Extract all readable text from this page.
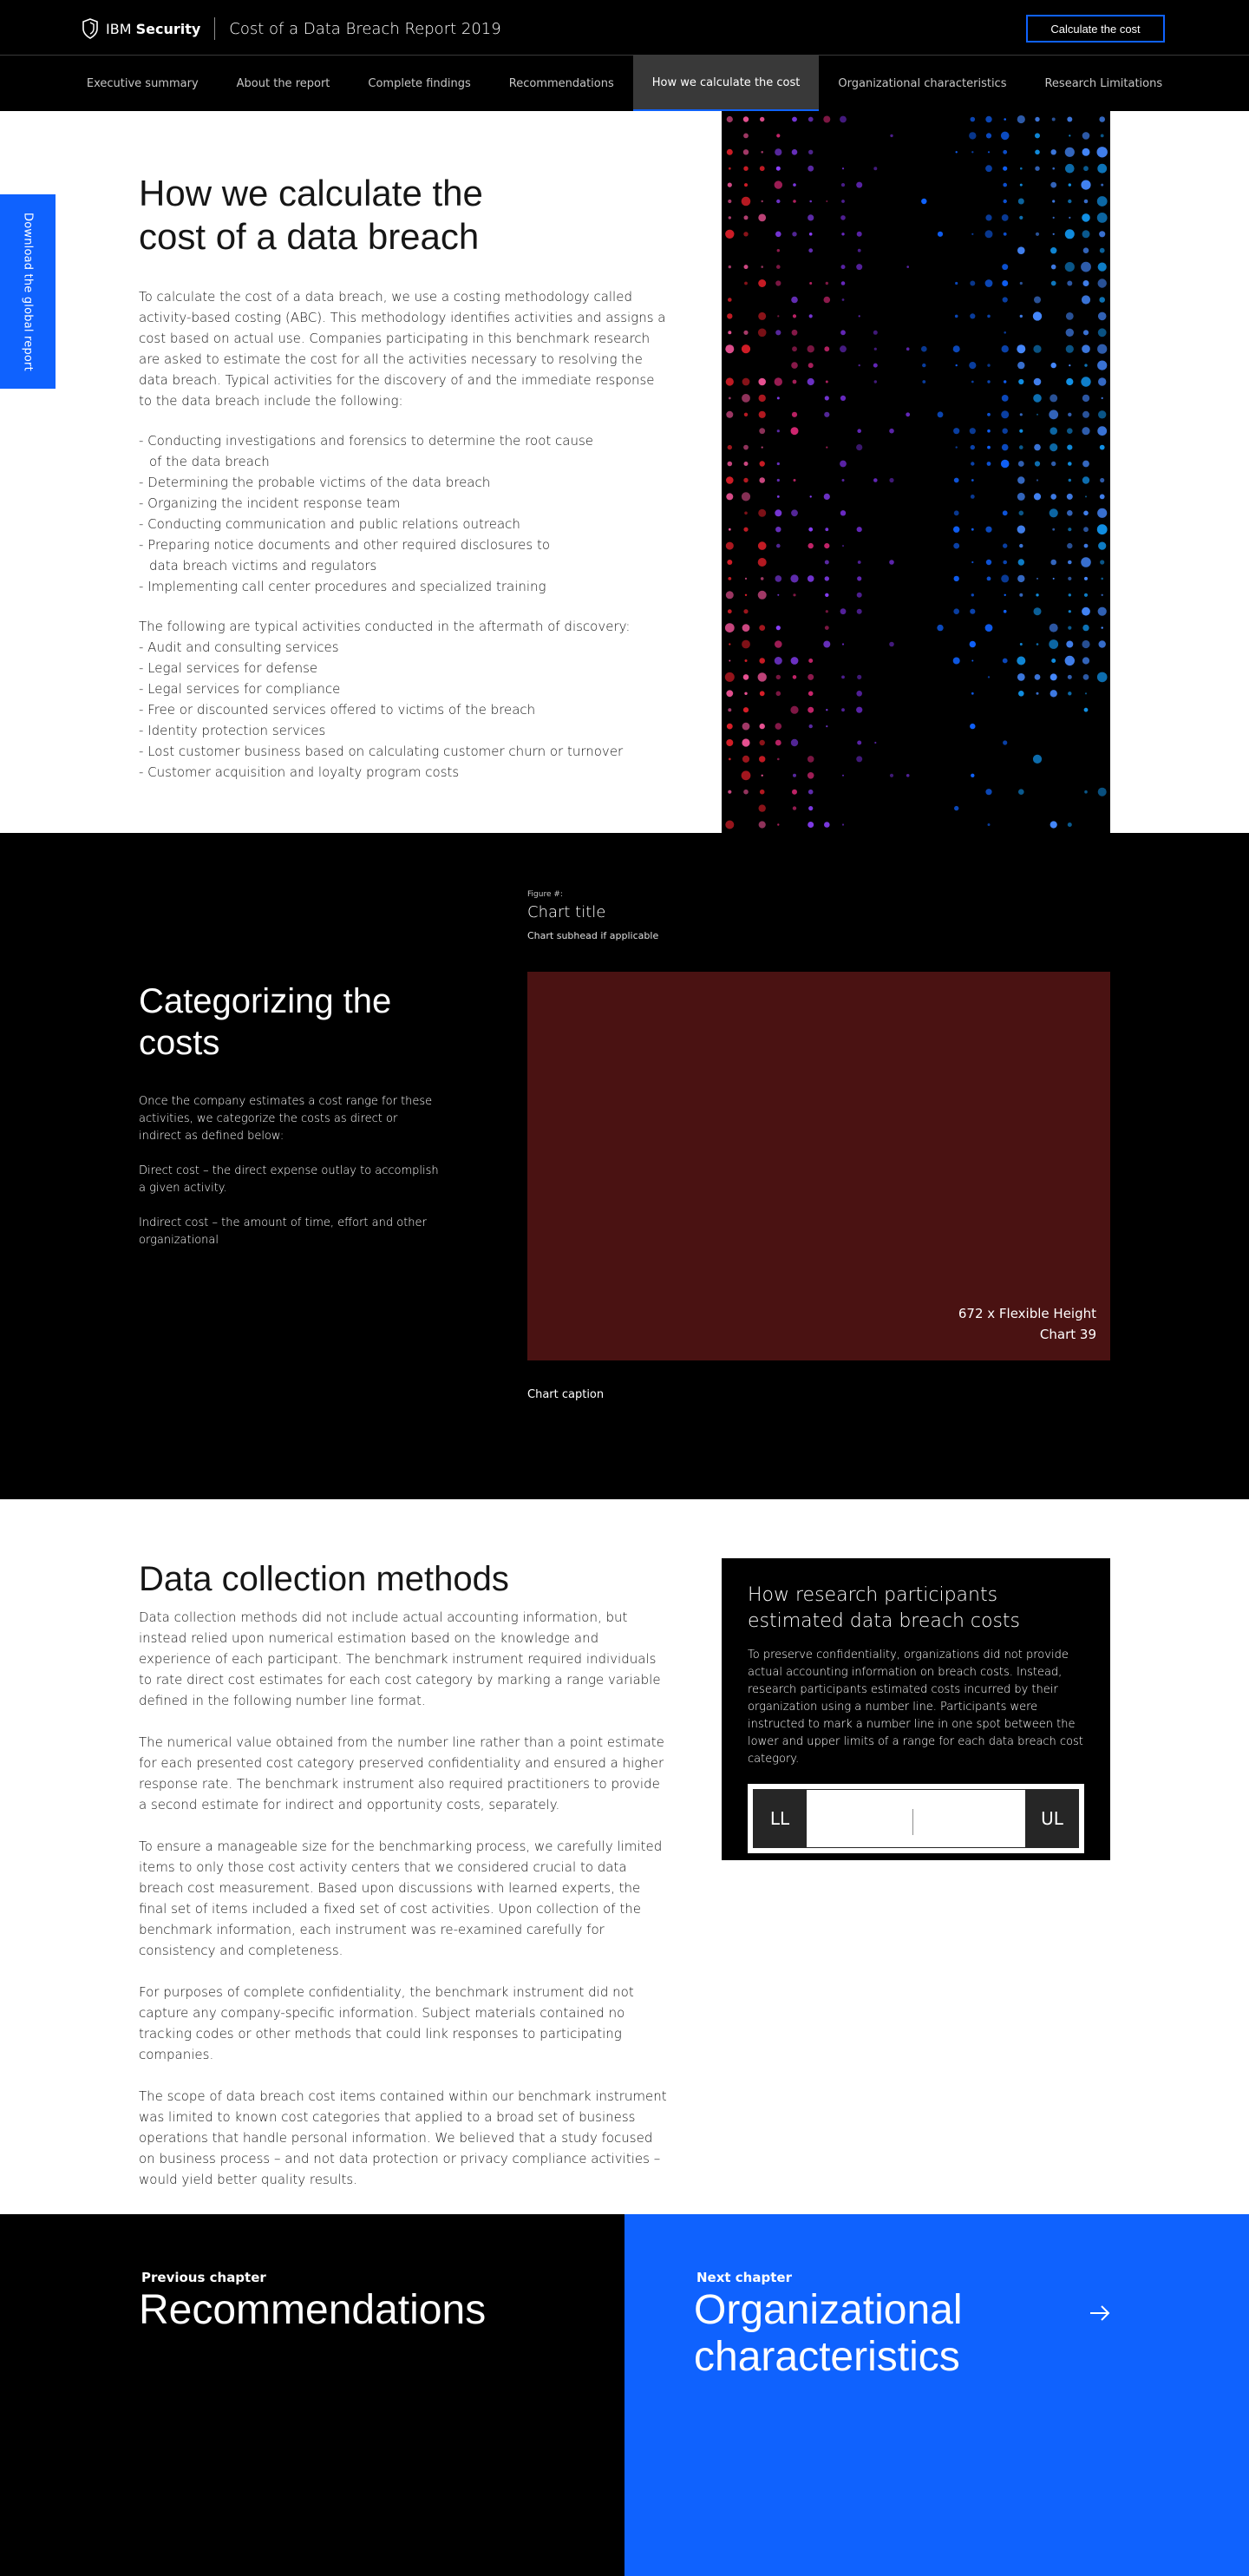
IBM Security Cost of a Data Breach Report 2019	Calculate the cost
Executive summary	About the report	Complete findings	Recommendations	How we calculate the cost	Organizational characteristics	Research Limitations
Download the global report
How we calculate the cost of a data breach

To calculate the cost of a data breach, we use a costing methodology called activity-based costing (ABC). This methodology identifies activities and assigns a cost based on actual use. Companies participating in this benchmark research are asked to estimate the cost for all the activities necessary to resolving the data breach. Typical activities for the discovery of and the immediate response to the data breach include the following:

- Conducting investigations and forensics to determine the root cause
of the data breach
- Determining the probable victims of the data breach
- Organizing the incident response team
- Conducting communication and public relations outreach
- Preparing notice documents and other required disclosures to
data breach victims and regulators
- Implementing call center procedures and specialized training
The following are typical activities conducted in the aftermath of discovery:
- Audit and consulting services
- Legal services for defense
- Legal services for compliance
- Free or discounted services offered to victims of the breach
- Identity protection services
- Lost customer business based on calculating customer churn or turnover
- Customer acquisition and loyalty program costs
Categorizing the costs

Once the company estimates a cost range for these activities, we categorize the costs as direct or indirect as defined below:

Direct cost – the direct expense outlay to accomplish a given activity.

Indirect cost – the amount of time, effort and other organizational

Figure #:
Chart title
Chart subhead if applicable
672 x Flexible Height
Chart 39
Chart caption
Data collection methods

Data collection methods did not include actual accounting information, but instead relied upon numerical estimation based on the knowledge and experience of each participant. The benchmark instrument required individuals to rate direct cost estimates for each cost category by marking a range variable defined in the following number line format.

The numerical value obtained from the number line rather than a point estimate for each presented cost category preserved confidentiality and ensured a higher response rate. The benchmark instrument also required practitioners to provide a second estimate for indirect and opportunity costs, separately.

To ensure a manageable size for the benchmarking process, we carefully limited items to only those cost activity centers that we considered crucial to data breach cost measurement. Based upon discussions with learned experts, the final set of items included a fixed set of cost activities. Upon collection of the benchmark information, each instrument was re-examined carefully for consistency and completeness.

For purposes of complete confidentiality, the benchmark instrument did not capture any company-specific information. Subject materials contained no tracking codes or other methods that could link responses to participating companies.

The scope of data breach cost items contained within our benchmark instrument was limited to known cost categories that applied to a broad set of business operations that handle personal information. We believed that a study focused on business process – and not data protection or privacy compliance activities – would yield better quality results.

How research participants estimated data breach costs

To preserve confidentiality, organizations did not provide actual accounting information on breach costs. Instead, research participants estimated costs incurred by their organization using a number line. Participants were instructed to mark a number line in one spot between the lower and upper limits of a range for each data breach cost category.

LL	UL
Previous chapter
Recommendations
Next chapter
Organizational characteristics
